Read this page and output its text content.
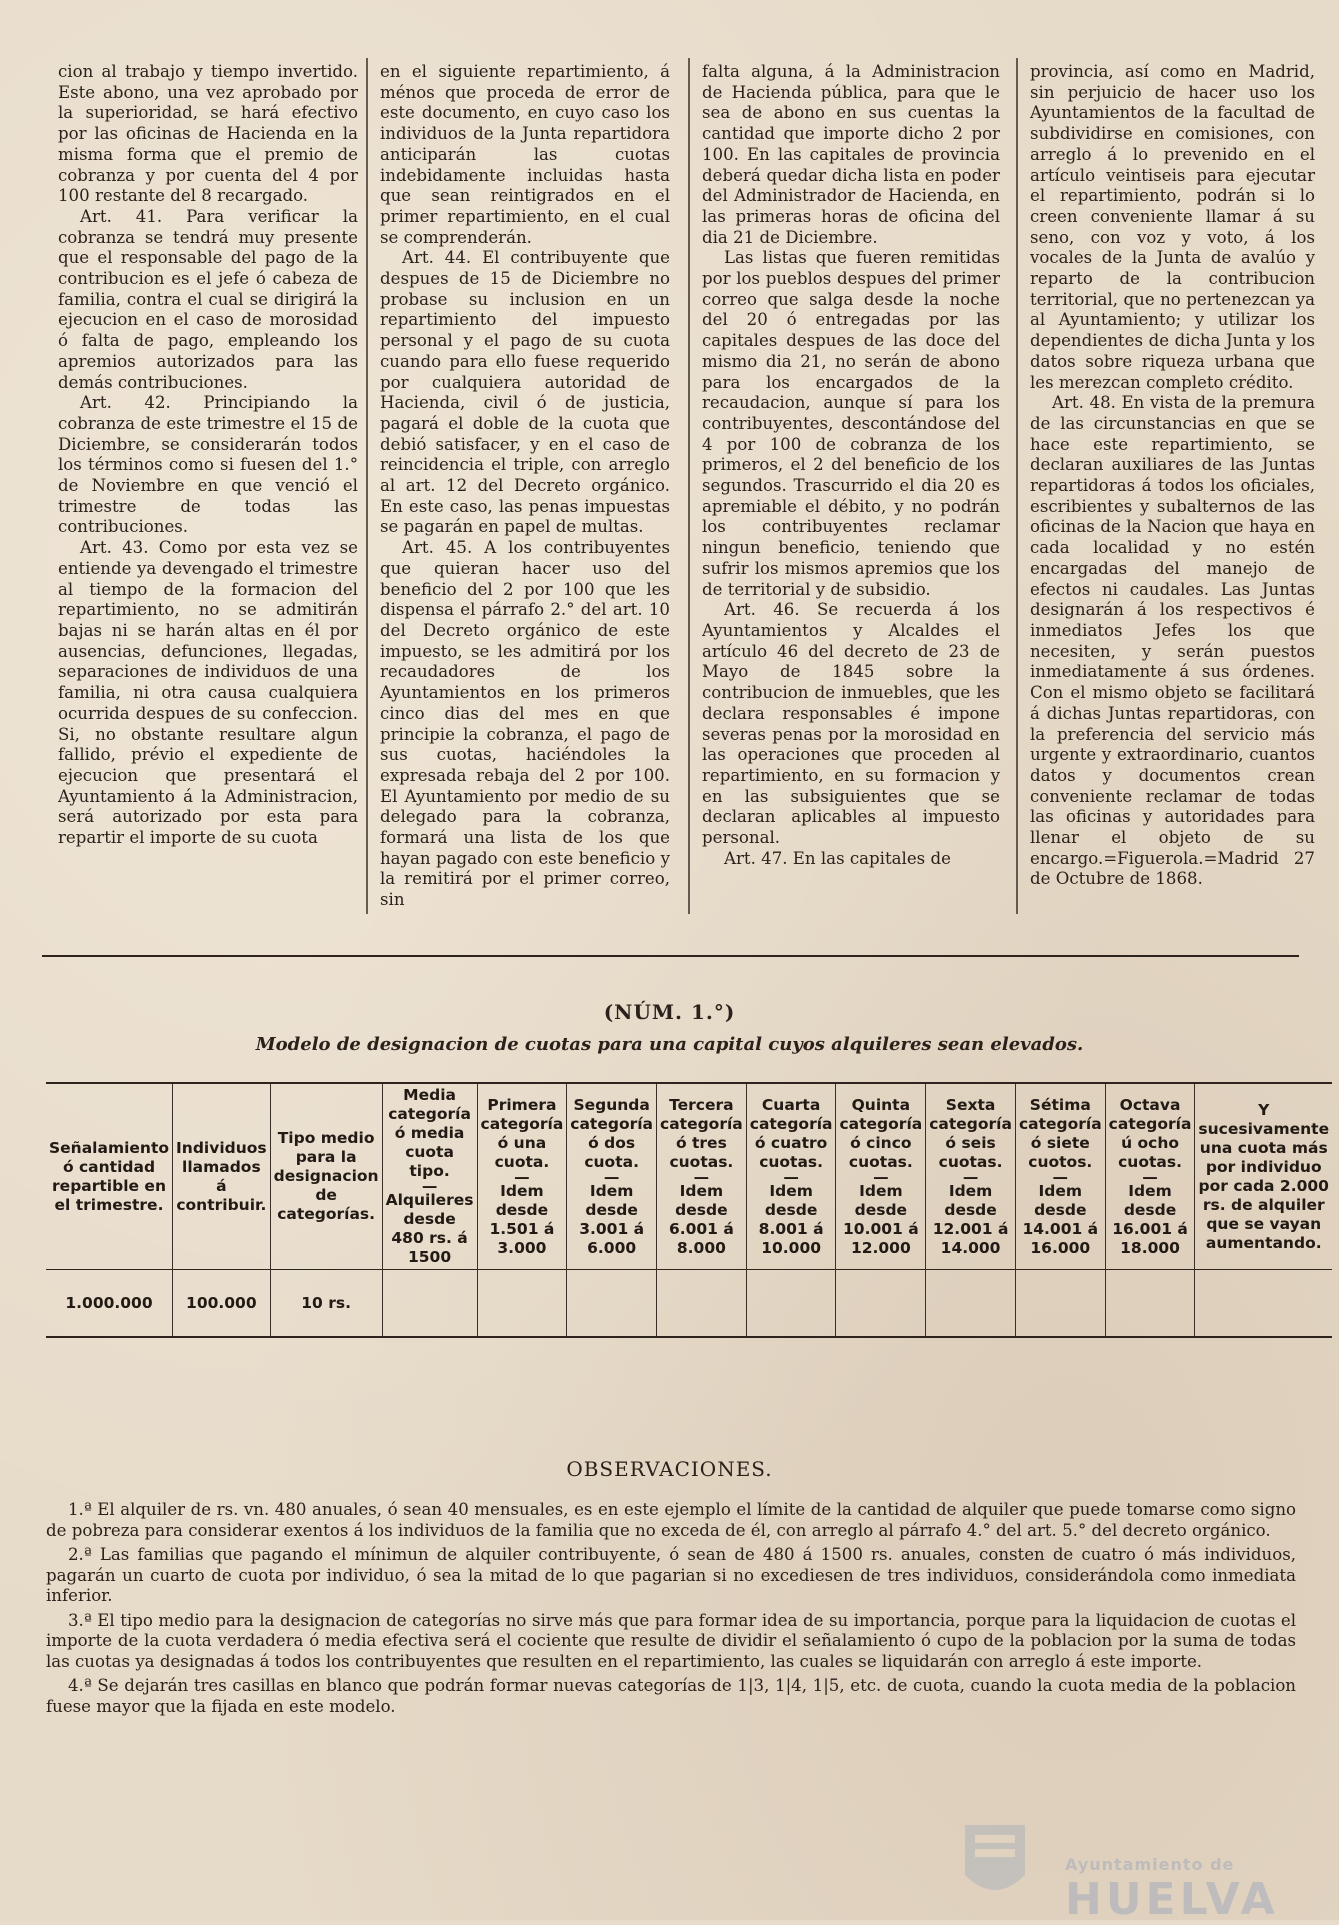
cion al trabajo y tiempo invertido. Este abono, una vez aprobado por la superioridad, se hará efectivo por las oficinas de Hacienda en la misma forma que el premio de cobranza y por cuenta del 4 por 100 restante del 8 recargado.

Art. 41. Para verificar la cobranza se tendrá muy presente que el responsable del pago de la contribucion es el jefe ó cabeza de familia, contra el cual se dirigirá la ejecucion en el caso de morosidad ó falta de pago, empleando los apremios autorizados para las demás contribuciones.

Art. 42. Principiando la cobranza de este trimestre el 15 de Diciembre, se considerarán todos los términos como si fuesen del 1.° de Noviembre en que venció el trimestre de todas las contribuciones.

Art. 43. Como por esta vez se entiende ya devengado el trimestre al tiempo de la formacion del repartimiento, no se admitirán bajas ni se harán altas en él por ausencias, defunciones, llegadas, separaciones de individuos de una familia, ni otra causa cualquiera ocurrida despues de su confeccion. Si, no obstante resultare algun fallido, prévio el expediente de ejecucion que presentará el Ayuntamiento á la Administracion, será autorizado por esta para repartir el importe de su cuota

en el siguiente repartimiento, á ménos que proceda de error de este documento, en cuyo caso los individuos de la Junta repartidora anticiparán las cuotas indebidamente incluidas hasta que sean reintigrados en el primer repartimiento, en el cual se comprenderán.

Art. 44. El contribuyente que despues de 15 de Diciembre no probase su inclusion en un repartimiento del impuesto personal y el pago de su cuota cuando para ello fuese requerido por cualquiera autoridad de Hacienda, civil ó de justicia, pagará el doble de la cuota que debió satisfacer, y en el caso de reincidencia el triple, con arreglo al art. 12 del Decreto orgánico. En este caso, las penas impuestas se pagarán en papel de multas.

Art. 45. A los contribuyentes que quieran hacer uso del beneficio del 2 por 100 que les dispensa el párrafo 2.° del art. 10 del Decreto orgánico de este impuesto, se les admitirá por los recaudadores de los Ayuntamientos en los primeros cinco dias del mes en que principie la cobranza, el pago de sus cuotas, haciéndoles la expresada rebaja del 2 por 100. El Ayuntamiento por medio de su delegado para la cobranza, formará una lista de los que hayan pagado con este beneficio y la remitirá por el primer correo, sin

falta alguna, á la Administracion de Hacienda pública, para que le sea de abono en sus cuentas la cantidad que importe dicho 2 por 100. En las capitales de provincia deberá quedar dicha lista en poder del Administrador de Hacienda, en las primeras horas de oficina del dia 21 de Diciembre.

Las listas que fueren remitidas por los pueblos despues del primer correo que salga desde la noche del 20 ó entregadas por las capitales despues de las doce del mismo dia 21, no serán de abono para los encargados de la recaudacion, aunque sí para los contribuyentes, descontándose del 4 por 100 de cobranza de los primeros, el 2 del beneficio de los segundos. Trascurrido el dia 20 es apremiable el débito, y no podrán los contribuyentes reclamar ningun beneficio, teniendo que sufrir los mismos apremios que los de territorial y de subsidio.

Art. 46. Se recuerda á los Ayuntamientos y Alcaldes el artículo 46 del decreto de 23 de Mayo de 1845 sobre la contribucion de inmuebles, que les declara responsables é impone severas penas por la morosidad en las operaciones que proceden al repartimiento, en su formacion y en las subsiguientes que se declaran aplicables al impuesto personal.

Art. 47. En las capitales de

provincia, así como en Madrid, sin perjuicio de hacer uso los Ayuntamientos de la facultad de subdividirse en comisiones, con arreglo á lo prevenido en el artículo veintiseis para ejecutar el repartimiento, podrán si lo creen conveniente llamar á su seno, con voz y voto, á los vocales de la Junta de avalúo y reparto de la contribucion territorial, que no pertenezcan ya al Ayuntamiento; y utilizar los dependientes de dicha Junta y los datos sobre riqueza urbana que les merezcan completo crédito.

Art. 48. En vista de la premura de las circunstancias en que se hace este repartimiento, se declaran auxiliares de las Juntas repartidoras á todos los oficiales, escribientes y subalternos de las oficinas de la Nacion que haya en cada localidad y no estén encargadas del manejo de efectos ni caudales. Las Juntas designarán á los respectivos é inmediatos Jefes los que necesiten, y serán puestos inmediatamente á sus órdenes. Con el mismo objeto se facilitará á dichas Juntas repartidoras, con la preferencia del servicio más urgente y extraordinario, cuantos datos y documentos crean conveniente reclamar de todas las oficinas y autoridades para llenar el objeto de su encargo.=Figuerola.=Madrid 27 de Octubre de 1868.

(NÚM. 1.°)
Modelo de designacion de cuotas para una capital cuyos alquileres sean elevados.
Señalamiento ó cantidad repartible en el trimestre.	Individuos llamados á contribuir.	Tipo medio para la designacion de categorías.	Media categoría ó media cuota tipo.
—
Alquileres desde 480 rs. á 1500	Primera categoría ó una cuota.
—
Idem desde 1.501 á 3.000	Segunda categoría ó dos cuota.
—
Idem desde 3.001 á 6.000	Tercera categoría ó tres cuotas.
—
Idem desde 6.001 á 8.000	Cuarta categoría ó cuatro cuotas.
—
Idem desde 8.001 á 10.000	Quinta categoría ó cinco cuotas.
—
Idem desde 10.001 á 12.000	Sexta categoría ó seis cuotas.
—
Idem desde 12.001 á 14.000	Sétima categoría ó siete cuotos.
—
Idem desde 14.001 á 16.000	Octava categoría ú ocho cuotas.
—
Idem desde 16.001 á 18.000	Y sucesivamente una cuota más por individuo por cada 2.000 rs. de alquiler que se vayan aumentando.
1.000.000	100.000	10 rs.										
OBSERVACIONES.

1.ª El alquiler de rs. vn. 480 anuales, ó sean 40 mensuales, es en este ejemplo el límite de la cantidad de alquiler que puede tomarse como signo de pobreza para considerar exentos á los individuos de la familia que no exceda de él, con arreglo al párrafo 4.° del art. 5.° del decreto orgánico.

2.ª Las familias que pagando el mínimun de alquiler contribuyente, ó sean de 480 á 1500 rs. anuales, consten de cuatro ó más individuos, pagarán un cuarto de cuota por individuo, ó sea la mitad de lo que pagarian si no excediesen de tres individuos, considerándola como inmediata inferior.

3.ª El tipo medio para la designacion de categorías no sirve más que para formar idea de su importancia, porque para la liquidacion de cuotas el importe de la cuota verdadera ó media efectiva será el cociente que resulte de dividir el señalamiento ó cupo de la poblacion por la suma de todas las cuotas ya designadas á todos los contribuyentes que resulten en el repartimiento, las cuales se liquidarán con arreglo á este importe.

4.ª Se dejarán tres casillas en blanco que podrán formar nuevas categorías de 1|3, 1|4, 1|5, etc. de cuota, cuando la cuota media de la poblacion fuese mayor que la fijada en este modelo.

Ayuntamiento de
HUELVA
